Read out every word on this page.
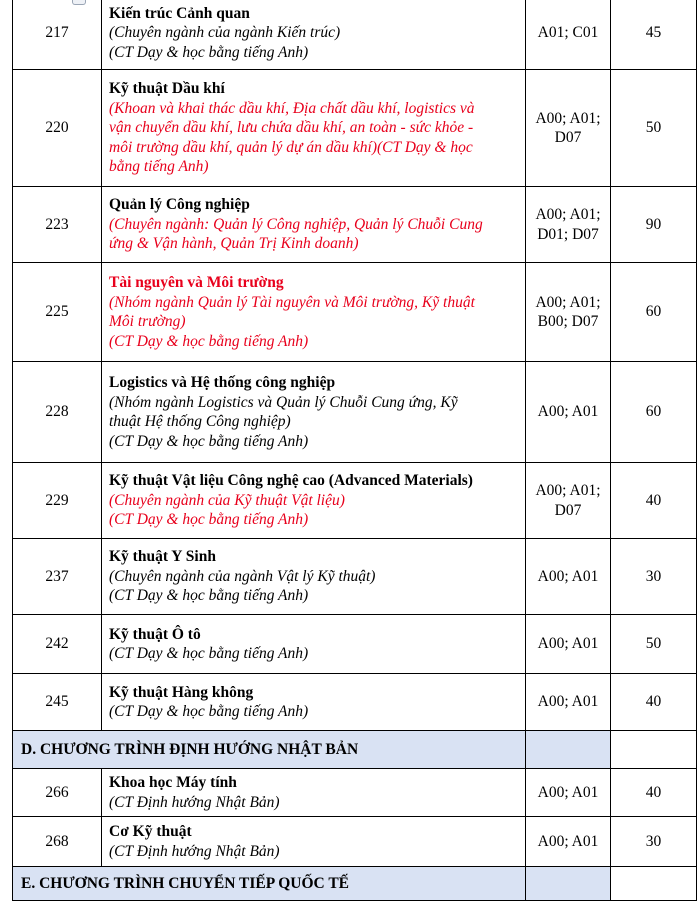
217	Kiến trúc Cảnh quan
(Chuyên ngành của ngành Kiến trúc)
(CT Dạy & học bằng tiếng Anh)	A01; C01	45
220	Kỹ thuật Dầu khí
(Khoan và khai thác dầu khí, Địa chất dầu khí, logistics và
vận chuyển dầu khí, lưu chứa dầu khí, an toàn - sức khỏe -
môi trường dầu khí, quản lý dự án dầu khí)(CT Dạy & học
bằng tiếng Anh)	A00; A01;
D07	50
223	Quản lý Công nghiệp
(Chuyên ngành: Quản lý Công nghiệp, Quản lý Chuỗi Cung
ứng & Vận hành, Quản Trị Kinh doanh)	A00; A01;
D01; D07	90
225	Tài nguyên và Môi trường
(Nhóm ngành Quản lý Tài nguyên và Môi trường, Kỹ thuật
Môi trường)
(CT Dạy & học bằng tiếng Anh)	A00; A01;
B00; D07	60
228	Logistics và Hệ thống công nghiệp
(Nhóm ngành Logistics và Quản lý Chuỗi Cung ứng, Kỹ
thuật Hệ thống Công nghiệp)
(CT Dạy & học bằng tiếng Anh)	A00; A01	60
229	Kỹ thuật Vật liệu Công nghệ cao (Advanced Materials)
(Chuyên ngành của Kỹ thuật Vật liệu)
(CT Dạy & học bằng tiếng Anh)	A00; A01;
D07	40
237	Kỹ thuật Y Sinh
(Chuyên ngành của ngành Vật lý Kỹ thuật)
(CT Dạy & học bằng tiếng Anh)	A00; A01	30
242	Kỹ thuật Ô tô
(CT Dạy & học bằng tiếng Anh)	A00; A01	50
245	Kỹ thuật Hàng không
(CT Dạy & học bằng tiếng Anh)	A00; A01	40
D. CHƯƠNG TRÌNH ĐỊNH HƯỚNG NHẬT BẢN			
266	Khoa học Máy tính
(CT Định hướng Nhật Bản)	A00; A01	40
268	Cơ Kỹ thuật
(CT Định hướng Nhật Bản)	A00; A01	30
E. CHƯƠNG TRÌNH CHUYỂN TIẾP QUỐC TẾ			
